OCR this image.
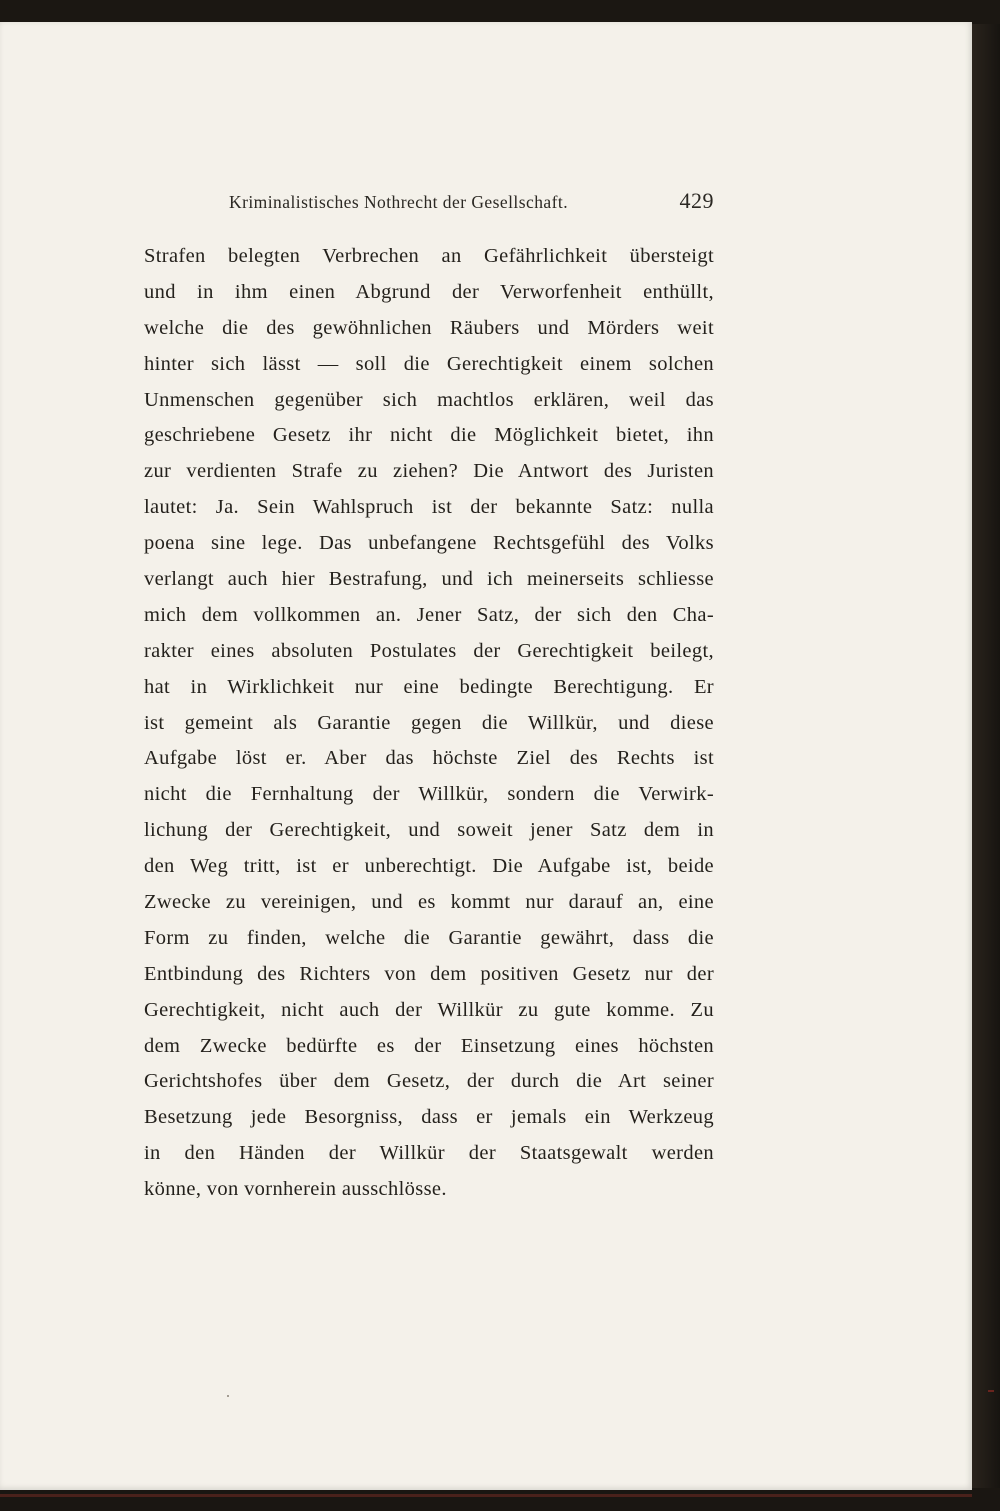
Kriminalistisches Nothrecht der Gesellschaft.	429
Strafen belegten Verbrechen an Gefährlichkeit übersteigt
und in ihm einen Abgrund der Verworfenheit enthüllt,
welche die des gewöhnlichen Räubers und Mörders weit
hinter sich lässt — soll die Gerechtigkeit einem solchen
Unmenschen gegenüber sich machtlos erklären, weil das
geschriebene Gesetz ihr nicht die Möglichkeit bietet, ihn
zur verdienten Strafe zu ziehen? Die Antwort des Juristen
lautet: Ja. Sein Wahlspruch ist der bekannte Satz: nulla
poena sine lege. Das unbefangene Rechtsgefühl des Volks
verlangt auch hier Bestrafung, und ich meinerseits schliesse
mich dem vollkommen an. Jener Satz, der sich den Cha-
rakter eines absoluten Postulates der Gerechtigkeit beilegt,
hat in Wirklichkeit nur eine bedingte Berechtigung. Er
ist gemeint als Garantie gegen die Willkür, und diese
Aufgabe löst er. Aber das höchste Ziel des Rechts ist
nicht die Fernhaltung der Willkür, sondern die Verwirk-
lichung der Gerechtigkeit, und soweit jener Satz dem in
den Weg tritt, ist er unberechtigt. Die Aufgabe ist, beide
Zwecke zu vereinigen, und es kommt nur darauf an, eine
Form zu finden, welche die Garantie gewährt, dass die
Entbindung des Richters von dem positiven Gesetz nur der
Gerechtigkeit, nicht auch der Willkür zu gute komme. Zu
dem Zwecke bedürfte es der Einsetzung eines höchsten
Gerichtshofes über dem Gesetz, der durch die Art seiner
Besetzung jede Besorgniss, dass er jemals ein Werkzeug
in den Händen der Willkür der Staatsgewalt werden
könne, von vornherein ausschlösse.
